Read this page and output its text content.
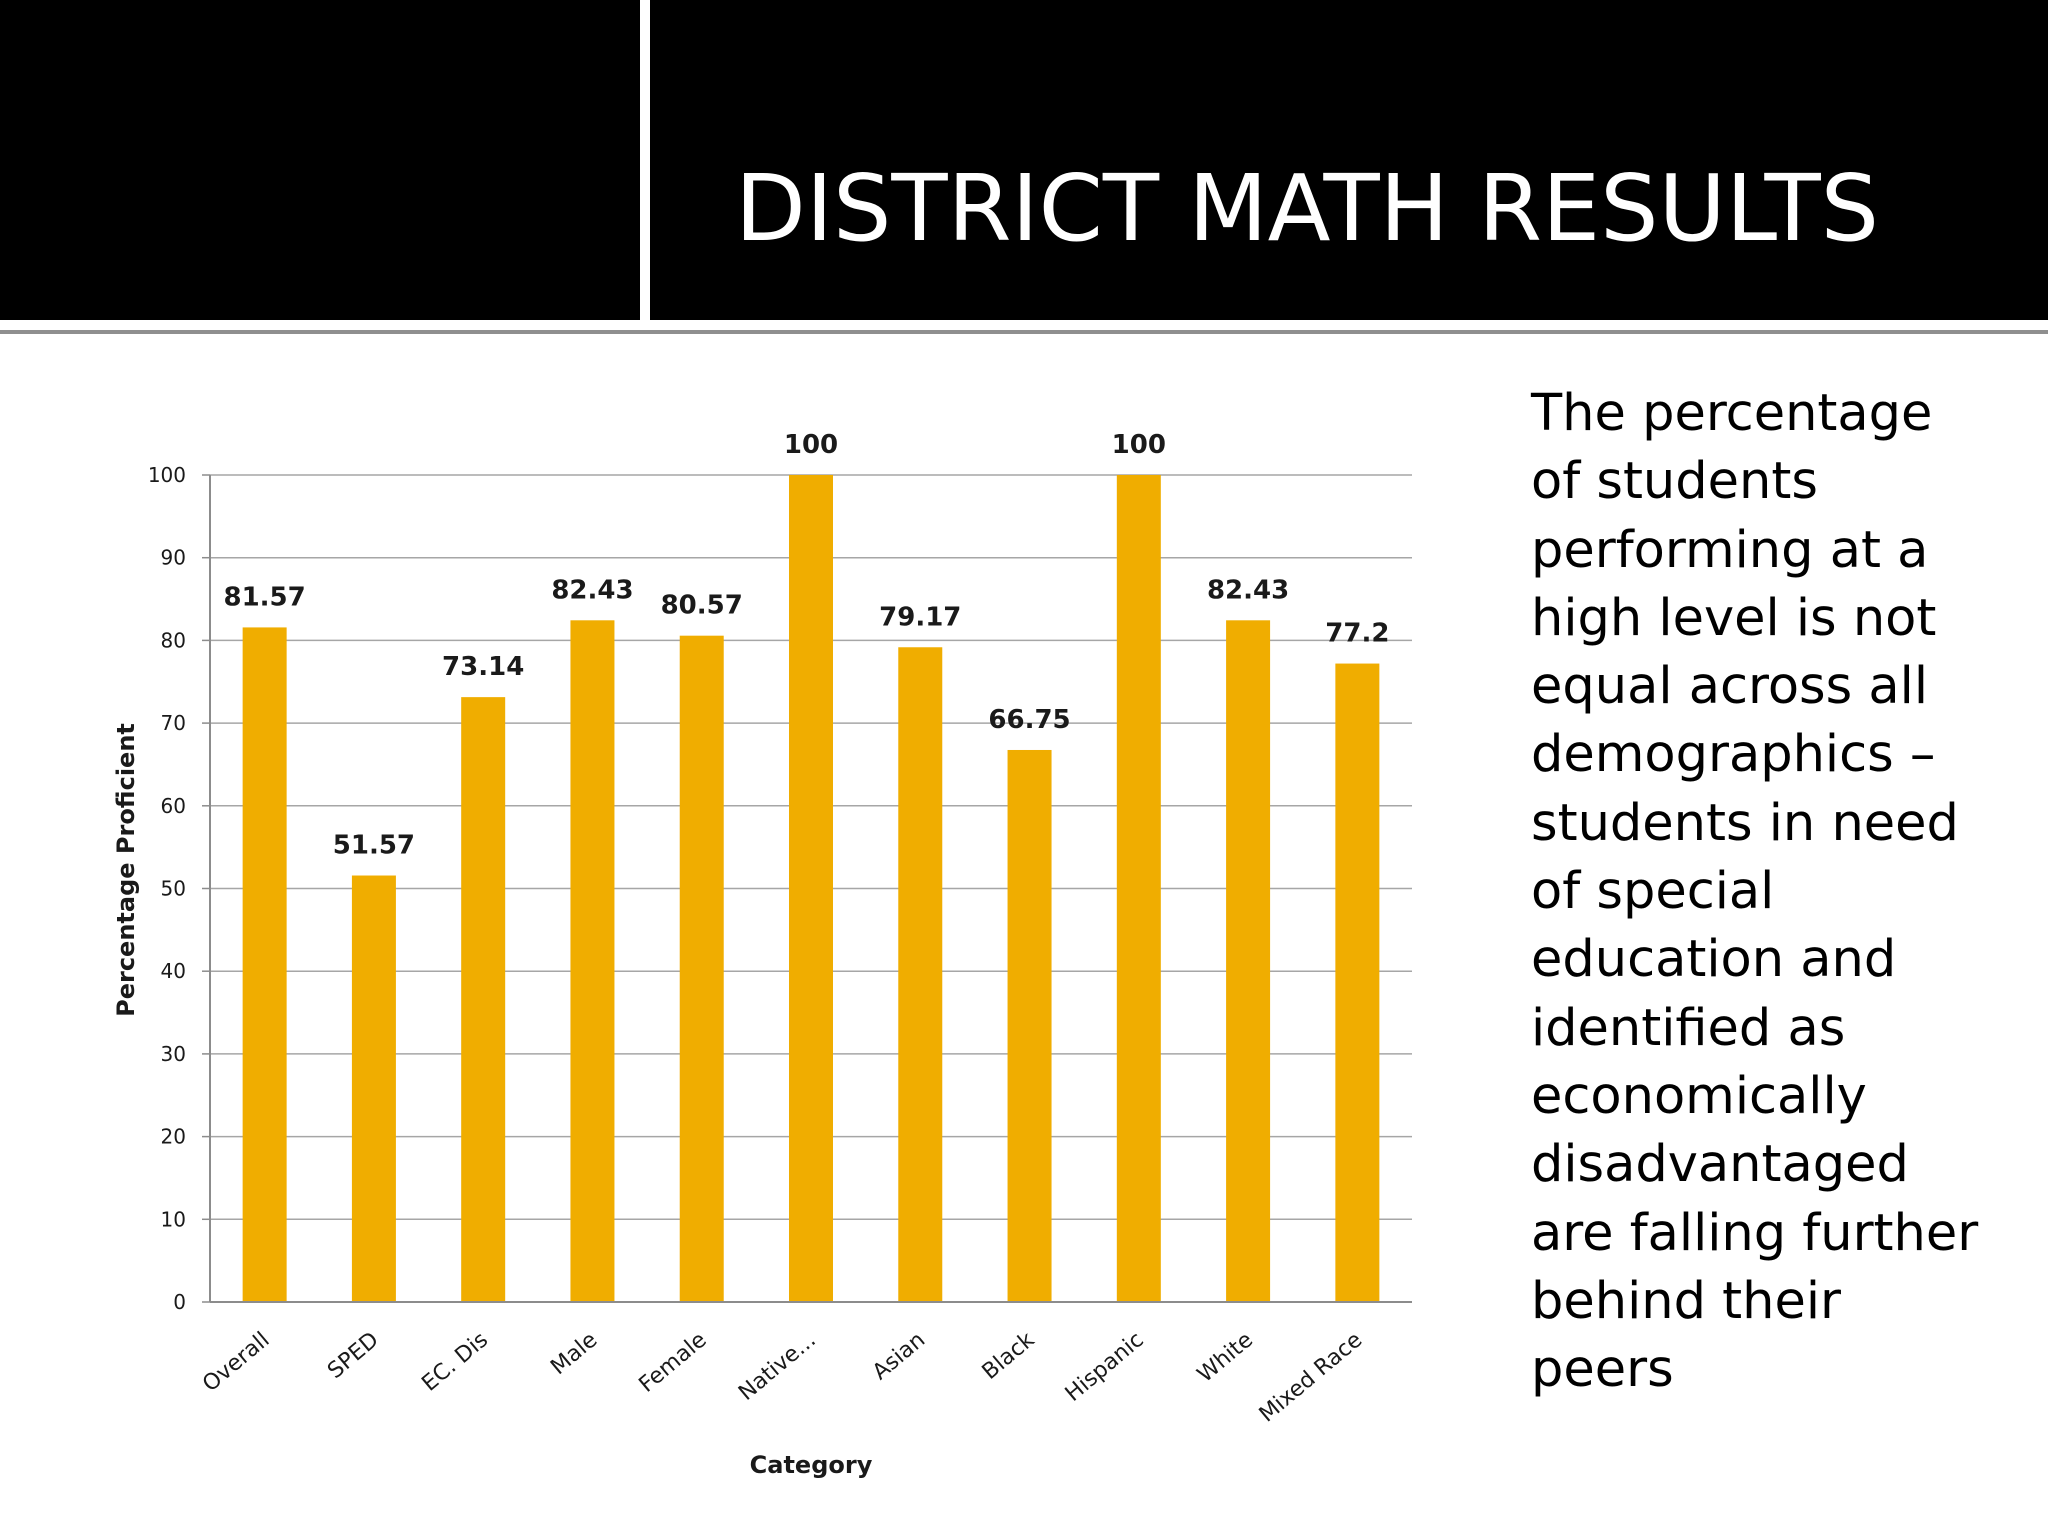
DISTRICT MATH RESULTS
0
10
20
30
40
50
60
70
80
90
100
Overall SPED EC. Dis Male Female Native... Asian Black Hispanic White
Mixed Race
81.57
51.57
73.14
82.43
80.57
100
79.17
66.75
100
82.43
77.2
Category
Percentage Proficient
The percentage
of students
performing at a
high level is not
equal across all
demographics –
students in need
of special
education and
identified as
economically
disadvantaged
are falling further
behind their
peers
